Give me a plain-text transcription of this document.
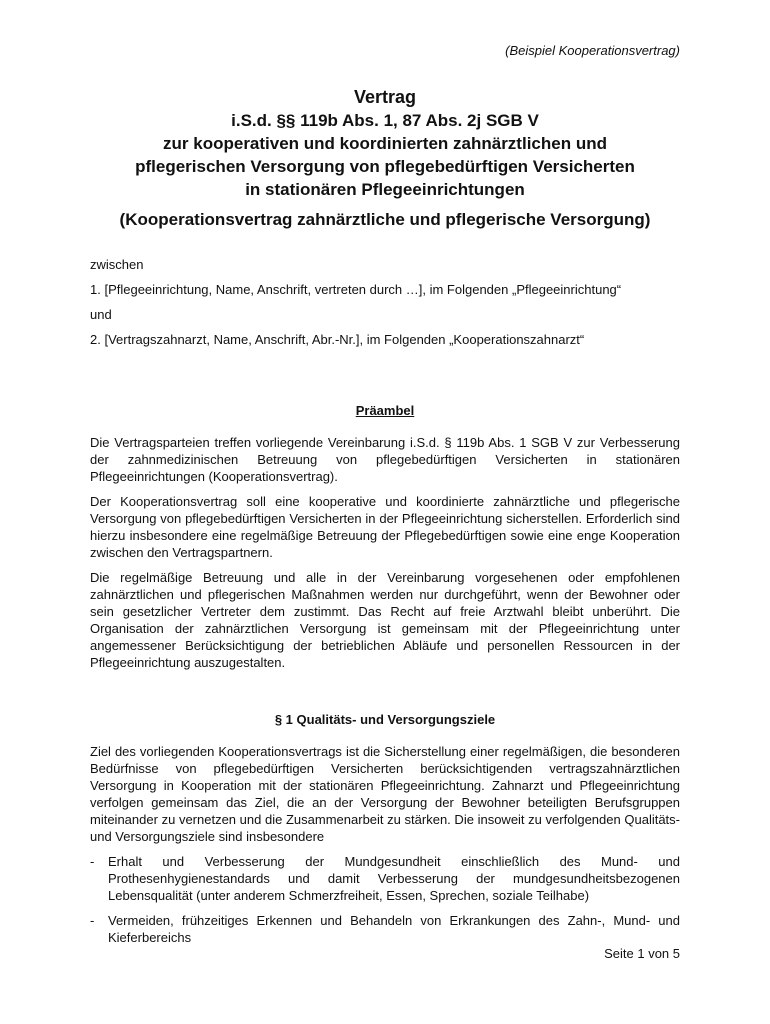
(Beispiel Kooperationsvertrag)
Vertrag
i.S.d. §§ 119b Abs. 1, 87 Abs. 2j SGB V
zur kooperativen und koordinierten zahnärztlichen und
pflegerischen Versorgung von pflegebedürftigen Versicherten
in stationären Pflegeeinrichtungen
(Kooperationsvertrag zahnärztliche und pflegerische Versorgung)

zwischen

1. [Pflegeeinrichtung, Name, Anschrift, vertreten durch …], im Folgenden „Pflegeeinrichtung“

und

2. [Vertragszahnarzt, Name, Anschrift, Abr.-Nr.], im Folgenden „Kooperationszahnarzt“

Präambel

Die Vertragsparteien treffen vorliegende Vereinbarung i.S.d. § 119b Abs. 1 SGB V zur Verbesserung der zahnmedizinischen Betreuung von pflegebedürftigen Versicherten in stationären Pflegeeinrichtungen (Kooperationsvertrag).

Der Kooperationsvertrag soll eine kooperative und koordinierte zahnärztliche und pflegerische Versorgung von pflegebedürftigen Versicherten in der Pflegeeinrichtung sicherstellen. Erforderlich sind hierzu insbesondere eine regelmäßige Betreuung der Pflegebedürftigen sowie eine enge Kooperation zwischen den Vertragspartnern.

Die regelmäßige Betreuung und alle in der Vereinbarung vorgesehenen oder empfohlenen zahnärztlichen und pflegerischen Maßnahmen werden nur durchgeführt, wenn der Bewohner oder sein gesetzlicher Vertreter dem zustimmt. Das Recht auf freie Arztwahl bleibt unberührt. Die Organisation der zahnärztlichen Versorgung ist gemeinsam mit der Pflegeeinrichtung unter angemessener Berücksichtigung der betrieblichen Abläufe und personellen Ressourcen in der Pflegeeinrichtung auszugestalten.

§ 1 Qualitäts- und Versorgungsziele

Ziel des vorliegenden Kooperationsvertrags ist die Sicherstellung einer regelmäßigen, die besonderen Bedürfnisse von pflegebedürftigen Versicherten berücksichtigenden vertragszahnärztlichen Versorgung in Kooperation mit der stationären Pflegeeinrichtung. Zahnarzt und Pflegeeinrichtung verfolgen gemeinsam das Ziel, die an der Versorgung der Bewohner beteiligten Berufsgruppen miteinander zu vernetzen und die Zusammenarbeit zu stärken. Die insoweit zu verfolgenden Qualitäts- und Versorgungsziele sind insbesondere

- Erhalt und Verbesserung der Mundgesundheit einschließlich des Mund- und Prothesenhygienestandards und damit Verbesserung der mundgesundheitsbezogenen Lebensqualität (unter anderem Schmerzfreiheit, Essen, Sprechen, soziale Teilhabe)
- Vermeiden, frühzeitiges Erkennen und Behandeln von Erkrankungen des Zahn-, Mund- und Kieferbereichs
Seite 1 von 5
